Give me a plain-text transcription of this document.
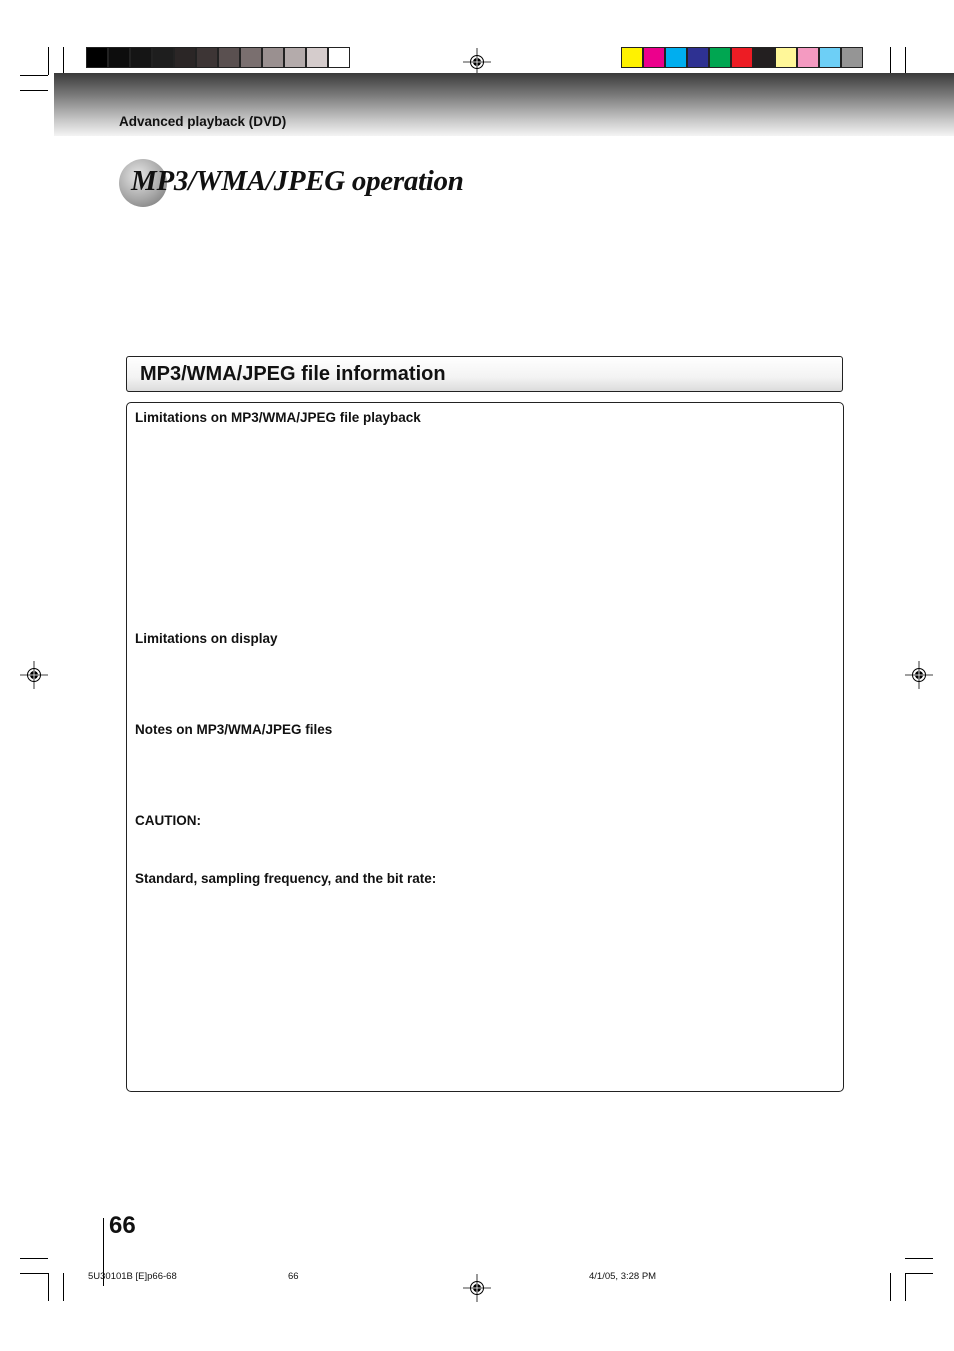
Advanced playback (DVD)
MP3/WMA/JPEG operation
MP3/WMA/JPEG file information
Limitations on MP3/WMA/JPEG file playback
Limitations on display
Notes on MP3/WMA/JPEG files
CAUTION:
Standard, sampling frequency, and the bit rate:
66
5U30101B [E]p66-68	66	4/1/05, 3:28 PM
